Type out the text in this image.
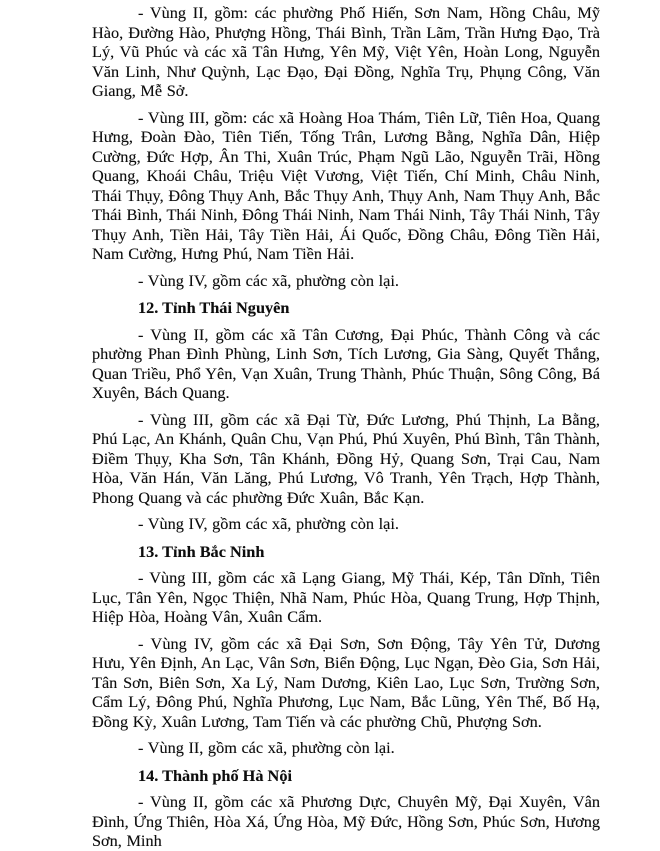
- Vùng II, gồm: các phường Phố Hiến, Sơn Nam, Hồng Châu, Mỹ Hào, Đường Hào, Phượng Hồng, Thái Bình, Trần Lãm, Trần Hưng Đạo, Trà Lý, Vũ Phúc và các xã Tân Hưng, Yên Mỹ, Việt Yên, Hoàn Long, Nguyễn Văn Linh, Như Quỳnh, Lạc Đạo, Đại Đồng, Nghĩa Trụ, Phụng Công, Văn Giang, Mễ Sở.

- Vùng III, gồm: các xã Hoàng Hoa Thám, Tiên Lữ, Tiên Hoa, Quang Hưng, Đoàn Đào, Tiên Tiến, Tống Trân, Lương Bằng, Nghĩa Dân, Hiệp Cường, Đức Hợp, Ân Thi, Xuân Trúc, Phạm Ngũ Lão, Nguyễn Trãi, Hồng Quang, Khoái Châu, Triệu Việt Vương, Việt Tiến, Chí Minh, Châu Ninh, Thái Thụy, Đông Thụy Anh, Bắc Thụy Anh, Thụy Anh, Nam Thụy Anh, Bắc Thái Bình, Thái Ninh, Đông Thái Ninh, Nam Thái Ninh, Tây Thái Ninh, Tây Thụy Anh, Tiền Hải, Tây Tiền Hải, Ái Quốc, Đồng Châu, Đông Tiền Hải, Nam Cường, Hưng Phú, Nam Tiền Hải.

- Vùng IV, gồm các xã, phường còn lại.

12. Tỉnh Thái Nguyên

- Vùng II, gồm các xã Tân Cương, Đại Phúc, Thành Công và các phường Phan Đình Phùng, Linh Sơn, Tích Lương, Gia Sàng, Quyết Thắng, Quan Triều, Phổ Yên, Vạn Xuân, Trung Thành, Phúc Thuận, Sông Công, Bá Xuyên, Bách Quang.

- Vùng III, gồm các xã Đại Từ, Đức Lương, Phú Thịnh, La Bằng, Phú Lạc, An Khánh, Quân Chu, Vạn Phú, Phú Xuyên, Phú Bình, Tân Thành, Điềm Thụy, Kha Sơn, Tân Khánh, Đồng Hỷ, Quang Sơn, Trại Cau, Nam Hòa, Văn Hán, Văn Lăng, Phú Lương, Vô Tranh, Yên Trạch, Hợp Thành, Phong Quang và các phường Đức Xuân, Bắc Kạn.

- Vùng IV, gồm các xã, phường còn lại.

13. Tỉnh Bắc Ninh

- Vùng III, gồm các xã Lạng Giang, Mỹ Thái, Kép, Tân Dĩnh, Tiên Lục, Tân Yên, Ngọc Thiện, Nhã Nam, Phúc Hòa, Quang Trung, Hợp Thịnh, Hiệp Hòa, Hoàng Vân, Xuân Cẩm.

- Vùng IV, gồm các xã Đại Sơn, Sơn Động, Tây Yên Tử, Dương Hưu, Yên Định, An Lạc, Vân Sơn, Biển Động, Lục Ngạn, Đèo Gia, Sơn Hải, Tân Sơn, Biên Sơn, Xa Lý, Nam Dương, Kiên Lao, Lục Sơn, Trường Sơn, Cẩm Lý, Đông Phú, Nghĩa Phương, Lục Nam, Bắc Lũng, Yên Thế, Bố Hạ, Đồng Kỳ, Xuân Lương, Tam Tiến và các phường Chũ, Phượng Sơn.

- Vùng II, gồm các xã, phường còn lại.

14. Thành phố Hà Nội

- Vùng II, gồm các xã Phương Dực, Chuyên Mỹ, Đại Xuyên, Vân Đình, Ứng Thiên, Hòa Xá, Ứng Hòa, Mỹ Đức, Hồng Sơn, Phúc Sơn, Hương Sơn, Minh
